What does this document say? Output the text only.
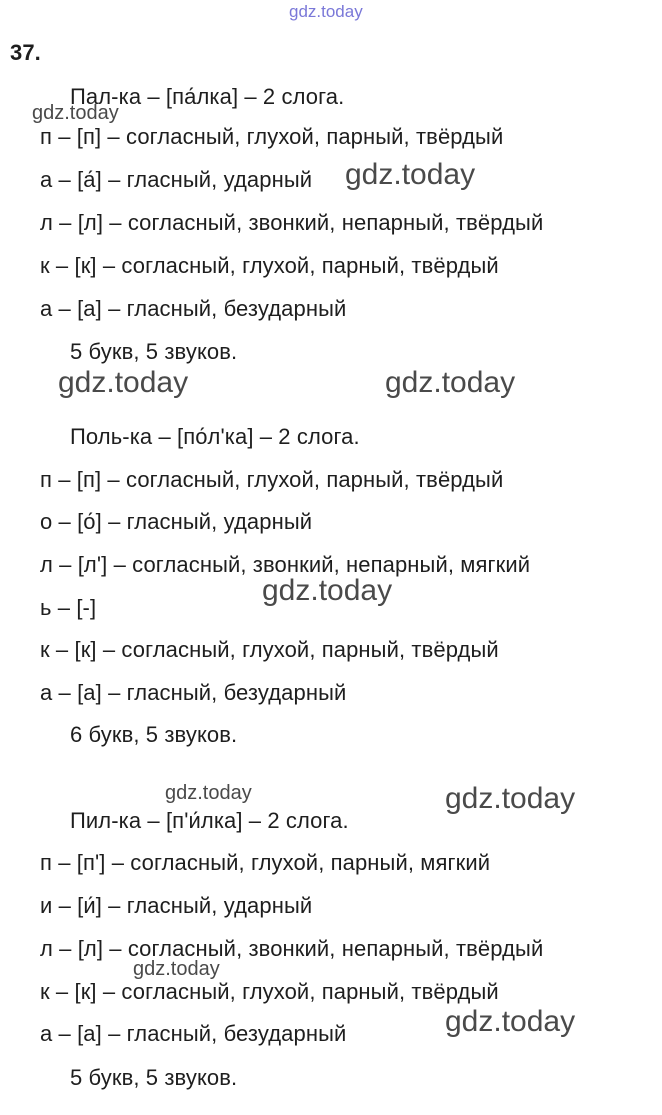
gdz.today
37.
Пал-ка – [па́лка] – 2 слога.
п – [п] – согласный, глухой, парный, твёрдый
а – [а́] – гласный, ударный
л – [л] – согласный, звонкий, непарный, твёрдый
к – [к] – согласный, глухой, парный, твёрдый
а – [а] – гласный, безударный
5 букв, 5 звуков.
Поль-ка – [по́л'ка] – 2 слога.
п – [п] – согласный, глухой, парный, твёрдый
о – [о́] – гласный, ударный
л – [л'] – согласный, звонкий, непарный, мягкий
ь – [-]
к – [к] – согласный, глухой, парный, твёрдый
а – [а] – гласный, безударный
6 букв, 5 звуков.
Пил-ка – [п'и́лка] – 2 слога.
п – [п'] – согласный, глухой, парный, мягкий
и – [и́] – гласный, ударный
л – [л] – согласный, звонкий, непарный, твёрдый
к – [к] – согласный, глухой, парный, твёрдый
а – [а] – гласный, безударный
5 букв, 5 звуков.
gdz.today
gdz.today
gdz.today	gdz.today
gdz.today
gdz.today	gdz.today
gdz.today
gdz.today
